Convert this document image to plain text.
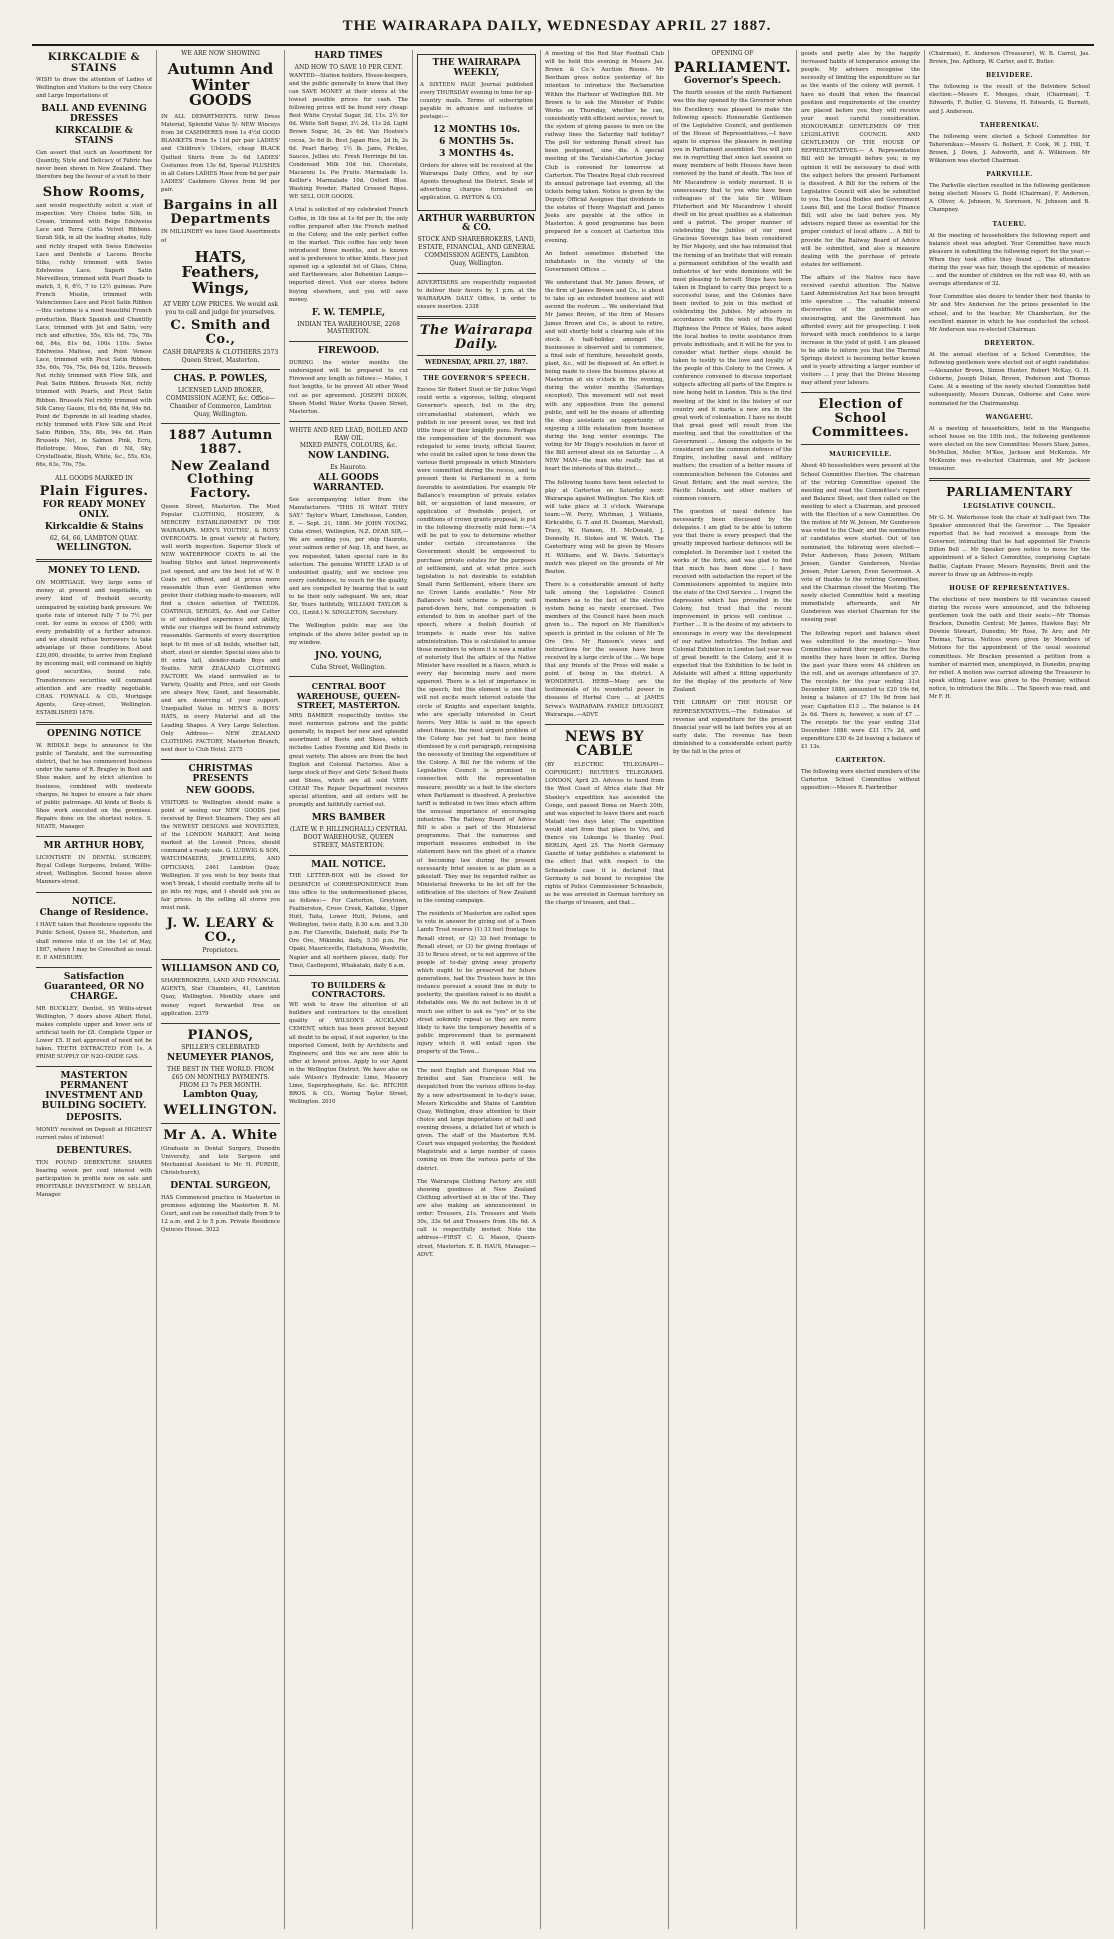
THE WAIRARAPA DAILY, WEDNESDAY APRIL 27 1887.
KIRKCALDIE & STAINS
WISH to draw the attention of Ladies of Wellington and Visitors to the very Choice and Large Importations of
BALL AND EVENING DRESSES
KIRKCALDIE & STAINS
Can assert that such an Assortment for Quantity, Style and Delicacy of Fabric has never been shown in New Zealand. They therefore beg the favour of a visit to their
Show Rooms,
and would respectfully solicit a visit of inspection. Very Choice Indie Silk, in Cream, trimmed with Beige Edelweiss Lace and Terra Cotta Velvet Ribbons. Surah Silk, in all the leading shades, fully and richly draped with Swiss Edelweiss Lace and Dentelle a' Lacons. Broche Silks, richly trimmed with Swiss Edelweiss Lace. Superb Satin Merveilleux, trimmed with Pearl Beads to match, 5, 6, 6½, 7 to 12½ guineas. Pure French Muslin, trimmed with Valenciennes Lace and Picot Satin Ribbon—this costume is a most beautiful French production. Black Spanish and Chantilly Lace, trimmed with Jet and Satin, very rich and effective, 55s, 63s 6d, 75s, 78s 6d, 84s, 81s 6d, 100s 110s. Swiss Edelweiss Maltese, and Point Venese Lace, trimmed with Picot Satin Ribbon, 55s, 60s, 70s, 75s, 84s 6d, 120s. Brussels Net richly trimmed with Flow Silk, and Peat Satin Ribbon. Brussels Net, richly trimmed with Pearls, and Picot Satin Ribbon. Brussels Net richly trimmed with Silk Cansy Gauze, 81s 6d, 88s 6d, 94s 6d. Point de' Esprende in all leading shades, richly trimmed with Flow Silk and Picot Satin Ribbon, 55s, 88s, 94s 6d. Plain Brussels Net, in Salmon Pink, Ecru, Heliotrope, Moss, Fan di Nil, Sky, Crystallisatie, Blush, White, &c., 55s, 63s, 66s, 63s, 70s, 75s.
ALL GOODS MARKED IN
Plain Figures.
FOR READY MONEY ONLY.
Kirkcaldie & Stains
62, 64, 66, LAMBTON QUAY.
WELLINGTON.
MONEY TO LEND.
ON MORTGAGE. Very large sums of money at present and negotiable, on every kind of freehold security, unimpaired by existing bank pressure. We quote rate of interest fully 7 to 7½ per cent. for sums in excess of £500, with every probability of a further advance. and we should refuse borrowers to take advantage of these conditions. About £20,000, divisible, to arrive from England by incoming mail, will command on highly good securities, bound rate. Transferences securities will command attention and are readily negotiable. CHAS. FOWNALL & CO., Mortgage Agents, Grey-street, Wellington. ESTABLISHED 1876.
OPENING NOTICE
W. RIDDLE begs to announce to the public of Taratahi, and the surrounding district, that he has commenced business under the name of R. Bragley in Boot and Shoe maker, and by strict attention to business, combined with moderate charges, he hopes to ensure a fair share of public patronage. All kinds of Boots & Shoe work executed on the premises. Repairs done on the shortest notice. S. NEATE, Manager.
MR ARTHUR HOBY,
LICENTIATE IN DENTAL SURGERY, Royal College Surgeons, Ireland, Willis-street, Wellington. Second house above Manners-street.
NOTICE.
Change of Residence.
I HAVE taken that Residence opposite the Public School, Queen St., Masterton, and shall remove into it on the 1st of May, 1887, where I may be Consulted as usual. E. P. AMESBURY.
Satisfaction Guaranteed, OR NO CHARGE.
MR BUCKLEY, Dentist, 95 Willis-street Wellington, 7 doors above Albert Hotel, makes complete upper and lower sets of artificial teeth for £8. Complete Upper or Lower £5. If not approved of need not be taken. TEETH EXTRACTED FOR 1s. A PRIME SUPPLY OF N2O-OXIDE GAS.
MASTERTON PERMANENT INVESTMENT AND BUILDING SOCIETY.
DEPOSITS.
MONEY received on Deposit at HIGHEST current rates of interest!
DEBENTURES.
TEN POUND DEBENTURE SHARES bearing seven per cent interest with participation in profits now on sale and PROFITABLE INVESTMENT. W. SELLAR, Manager.
WE ARE NOW SHOWING
Autumn And Winter GOODS
IN ALL DEPARTMENTS. NEW Dress Material, Splendid Value 5/- NEW Winceys from 3d CASHMERES from 1s 4½d GOOD BLANKETS from 5s 11d per pair LADIES' and Children's Ulsters, cheap BLACK Quilted Shirts from 3s 6d LADIES' Costumes from 13s 6d, Special PLUSHES in all Colors LADIES Hose from 6d per pair LADIES' Cashmere Gloves from 9d per pair.
Bargains in all Departments
IN MILLINERY we have Good Assortments of
HATS, Feathers, Wings,
AT VERY LOW PRICES. We would ask you to call and judge for yourselves.
C. Smith and Co.,
CASH DRAPERS & CLOTHIERS 2573 Queen Street, Masterton.
CHAS. P. POWLES,
LICENSED LAND BROKER, COMMISSION AGENT, &c. Office—Chamber of Commerce, Lambton Quay, Wellington.
1887 Autumn 1887.
New Zealand Clothing Factory.
Queen Street, Masterton. The Most Popular CLOTHING, HOSIERY, & MERCERY ESTABLISHMENT IN THE WAIRARAPA. MEN'S YOUTHS', & BOYS' OVERCOATS. In great variety at Factory, well worth inspection. Superior Stock of NEW WATERPROOF COATS in all the leading Styles and latest improvements just opened, and are the best lot of W. P. Coats yet offered, and at prices more reasonable than ever. Gentlemen who prefer their clothing made-to-measure, will find a choice selection of TWEEDS, COATINGS, SERGES, &c. And our Cutter is of undoubted experience and ability, while our charges will be found extremely reasonable. Garments of every description kept to fit men of all builds, whether tall, short, stout or slender. Special sizes also to fit extra tall, slender-made Boys and Youths. NEW ZEALAND CLOTHING FACTORY. We stand unrivalled as to Variety, Quality and Price, and our Goods are always New, Good, and Seasonable, and are deserving of your support. Unequalled Value in MEN'S & BOYS' HATS, in every Material and all the Leading Shapes. A Very Large Selection. Only Address— NEW ZEALAND CLOTHING FACTORY, Masterton Branch, next door to Club Hotel. 2375
CHRISTMAS PRESENTS
NEW GOODS.
VISITORS to Wellington should make a point of seeing our NEW GOODS just received by Direct Steamers. They are all the NEWEST DESIGNS and NOVELTIES, of the LONDON MARKET, And being marked at the Lowest Prices, should command a ready sale. G. LUDWIG & SON, WATCHMAKERS, JEWELLERS, AND OPTICIANS, 2461 Lambton Quay, Wellington. If you wish to buy boots that won't break, I should cordially invite all to go into my rope, and I should ask you as fair prices. In the selling all stores you must rank.
J. W. LEARY & CO.,
Proprietors.
WILLIAMSON AND CO,
SHAREBROKERS, LAND AND FINANCIAL AGENTS, Star Chambers, 41, Lambton Quay, Wellington. Monthly share and money report forwarded free on application. 2379
PIANOS,
SPILLER'S CELEBRATED
NEUMEYER PIANOS,
THE BEST IN THE WORLD. FROM £65 ON MONTHLY PAYMENTS. FROM £3 7s PER MONTH.
Lambton Quay,
WELLINGTON.
Mr A. A. White
(Graduate in Dental Surgery, Dunedin University, and late Surgeon and Mechanical Assistant to Mr. H. PURDIE, Christchurch),
DENTAL SURGEON,
HAS Commenced practice in Masterton in premises adjoining the Masterton R. M. Court, and can be consulted daily from 9 to 12 a.m. and 2 to 5 p.m. Private Residence Quinces House. 3022
HARD TIMES
AND HOW TO SAVE 10 PER CENT.
WANTED—Station holders, House-keepers, and the public generally to know that they can SAVE MONEY at their stores at the lowest possible prices for cash. The following prices will be found very cheap: Best White Crystal Sugar, 3d, 11s. 2½ for 6d. White Soft Sugar, 3½ 2d, 11s 2d. Light Brown Sugar, 3d, 2s 6d. Van Houten's cocoa, 3s 6d lb. Best Japan Rice, 2d lb, 2s 6d. Pearl Barley, 1½ lb. Jams, Pickles, Sauces, Jellies etc. Fresh Herrings 8d tin. Condensed Milk 10d tin. Chocolate, Macaroni 1s. Pie Fruits. Marmalade 1s. Keiller's Marmalade 10d. Oxford Blue. Washing Powder. Plaited Crossed Ropes. WE SELL OUR GOODS.
A trial is solicited of my celebrated French Coffee, in 1lb tins at 1s 6d per lb, the only coffee prepared after the French method in the Colony, and the only perfect coffee in the market. This coffee has only been introduced three months, and is known and is preference to other kinds. Have just opened up a splendid lot of Glass, China, and Earthenware, also Bohemian Lamps—imported direct. Visit our stores before buying elsewhere, and you will save money.
F. W. TEMPLE,
INDIAN TEA WAREHOUSE, 2268 MASTERTON.
FIREWOOD.
DURING the winter months the undersigned will be prepared to cut Firewood any length as follows:— Males, 1 foot lengths, to be proved All other Wood cut as per agreement. JOSEPH DIXON, Sheen Model Water Works Queen Street, Masterton.
WHITE AND RED LEAD, BOILED AND RAW OIL
MIXED PAINTS, COLOURS, &c.
NOW LANDING.
Ex Hauroto.
ALL GOODS WARRANTED.
See accompanying letter from the Manufacturers. "THIS IS WHAT THEY SAY." Taylor's Wharf, Limehouse, London, E. — Sept. 21, 1886. Mr JOHN YOUNG, Cuba street, Wellington, N.Z. DEAR SIR,—We are sending you, per ship Hauroto, your salmon order of Aug. 18, and have, as you requested, taken special care in its selection. The genuine WHITE LEAD is of undoubted quality, and we enclose you every confidence, to vouch for the quality, and are compelled by bearing that is said to be their only safeguard. We are, dear Sir, Yours faithfully, WILLIAM TAYLOR & CO., (Lmtd.) N. SINGLETON, Secretary.
The Wellington public may see the originals of the above letter posted up in my window.
JNO. YOUNG,
Cuba Street, Wellington.
CENTRAL BOOT WAREHOUSE, QUEEN-STREET, MASTERTON.
MRS BAMBER respectfully invites the most numerous patrons and the public generally, to inspect her new and splendid assortment of Boots and Shoes, which includes Ladies Evening and Kid Boots in great variety. The above are from the best English and Colonial Factories. Also a large stock of Boys' and Girls' School Boots and Shoes, which are all sold VERY CHEAP. The Repair Department receives special attention, and all orders will be promptly and faithfully carried out.
MRS BAMBER
(LATE W. P. HILLINGHALL) CENTRAL BOOT WAREHOUSE, QUEEN STREET, MASTERTON.
MAIL NOTICE.
THE LETTER-BOX will be closed for DESPATCH of CORRESPONDENCE from this office to the undermentioned places, as follows:— For Carterton, Greytown, Featherston, Cross Creek, Kaitoke, Upper Hutt, Taita, Lower Hutt, Petone, and Wellington, twice daily, 8.30 a.m. and 5.30 p.m. For Clareville, Dalefield, daily. For Te Ore Ore, Mikimiki, daily, 5.30 p.m. For Opaki, Mauriceville, Eketahuna, Woodville, Napier and all northern places, daily. For Tinui, Castlepoint, Whakataki, daily 6 a.m.
TO BUILDERS & CONTRACTORS.
WE wish to draw the attention of all builders and contractors to the excellent quality of WILSON'S AUCKLAND CEMENT, which has been proved beyond all doubt to be equal, if not superior, to the imported Cement, both by Architects and Engineers; and this we are now able to offer at lowest prices. Apply to our Agent in the Wellington District. We have also on sale Wilson's Hydraulic Lime, Masonry Lime, Superphosphate, &c. &c. RITCHIE BROS. & CO., Waring Taylor Street, Wellington. 2010
THE WAIRARAPA WEEKLY,
A SIXTEEN PAGE Journal published every THURSDAY evening in time for up-country mails. Terms of subscription payable in advance and inclusive of postage:—
12 MONTHS 10s.
6 MONTHS 5s.
3 MONTHS 4s.
Orders for above will be received at the Wairarapa Daily Office, and by our Agents throughout the District. Scale of advertising charges furnished on application. G. PAYTON & CO.
ARTHUR WARBURTON & CO.
STOCK AND SHAREBROKERS, LAND, ESTATE, FINANCIAL, AND GENERAL COMMISSION AGENTS, Lambton Quay, Wellington.
ADVERTISERS are respectfully requested to deliver their favors by 1 p.m. at the WAIRARAPA DAILY Office, in order to ensure insertion. 2338
The Wairarapa Daily.
WEDNESDAY, APRIL 27, 1887.
THE GOVERNOR'S SPEECH.
Excess Sir Robert Stout or Sir Julius Vogel could write a vigorous, telling, eloquent Governor's speech, but in the dry, circumstantial statement, which we publish in our present issue, we find but little trace of their knightly pens. Perhaps the compensation of the document was relegated to some trusty, official Saurer, who could be called upon to tone down the various florid proposals in which Ministers were committed during the recess, and to present them to Parliament in a form favorable to assimilation. For example Mr Ballance's resumption of private estates bill, or acquisition of land measure, or application of freeholds project, or conditions of crown grants proposal, is put in the following discreetly mild form:—"A will be put to you to determine whether under certain circumstances the Government should be empowered to purchase private estates for the purposes of settlement, and at what price such legislation is not desirable to establish Small Farm Settlement, where there are no Crown Lands available." Now Mr Ballance's bold scheme is pretty well pared-down here, but compensation is extended to him in another part of the speech, where a foolish flourish of trumpets is made over his native administration. This is calculated to amuse those members to whom it is now a matter of notoriety that the affairs of the Native Minister have resulted in a fiasco, which is every day becoming more and more apparent. There is a lot of importance in the speech, but this element is one that will not excite much interest outside the circle of Knights and expectant knights, who are specially interested in Court favors. Very little is said in the speech about finance, the most urgent problem of the Colony has yet had to face being dismissed by a curt paragraph, recognising the necessity of limiting the expenditure of the Colony. A Bill for the reform of the Legislative Council is promised in connection with the representation measure, possibly as a bait to the electors when Parliament is dissolved. A protective tariff is indicated in two lines which affirm the unusual importance of encouraging industries. The Railway Board of Advice Bill is also a part of the Ministerial programme. That the numerous and important measures embodied in the statement have not the ghost of a chance of becoming law during the present necessarily brief session is as plain as a pikestaff. They may be regarded rather as Ministerial fireworks to be let off for the edification of the electors of New Zealand in the coming campaign.
The residents of Masterton are called upon to vote in answer for giving out of a Town Lands Trust reserve (1) 33 feet frontage to Renall street, or (2) 33 feet frontage to Renall street, or (3) for giving frontage of 33 to Bruce street, or to not approve of the people of to-day giving away property which ought to be preserved for future generations, had the Trustees have in this instance pursued a sound line in duty to posterity, the question raised is no doubt a debatable one. We do not believe in it of much use either to ask us "yes" or to the street solemnly repeat us they are more likely to have the temporary benefits of a public improvement than to permanent injury which it will entail upon the property of the Town...
The next English and European Mail via Brindisi and San Francisco will be despatched from the various offices to-day. By a new advertisement in to-day's issue, Messrs Kirkcaldie and Stains of Lambton Quay, Wellington, draw attention to their choice and large importations of ball and evening dresses, a detailed list of which is given. The staff of the Masterton R.M. Court was engaged yesterday, the Resident Magistrate and a large number of cases coming on from the various parts of the district.
The Wairarapa Clothing Factory are still showing goodness at New Zealand Clothing advertised at in the of the. They are also making an announcement in order: Trousers, 21s. Trousers and Vests 30s, 33s 6d and Trousers from 18s 6d. A call is respectfully invited. Note the address—FIRST C. G. Mason, Queen-street, Masterton. E. B. HAUS, Manager.—ADVT.
A meeting of the Red Star Football Club will be held this evening in Messrs Jas. Brown & Co.'s Auction Rooms. Mr Beetham gives notice yesterday of his intention to introduce the Reclamation Within the Harbour of Wellington Bill. Mr Brown is to ask the Minister of Public Works on Thursday, whether he can, consistently with efficient service, revert to the system of giving passes to men on the railway lines the Saturday half holiday? The poll for widening Renall street has been postponed, sine die. A special meeting of the Taratahi-Carterton Jockey Club is convened for tomorrow at Carterton. The Theatre Royal club received its annual patronage last evening, all the tickets being taken. Notice is given by the Deputy Official Assignee that dividends in the estates of Henry Wagstaff and James Jeeks are payable at the office in Masterton. A good programme has been prepared for a concert at Carterton this evening.
An Indent sometimes disturbed the inhabitants in the vicinity of the Government Offices ...
We understand that Mr James Brown, of the firm of James Brown and Co., is about to take up an extended business and will ascend the rostrum ... We understand that Mr James Brown, of the firm of Messrs James Brown and Co., is about to retire, and will shortly hold a clearing sale of his stock. A half-holiday amongst the businesses is observed and to commence, a final sale of furniture, household goods, plant, &c., will be disposed of. An effort is being made to close the business places at Masterton at six o'clock in the evening, during the winter months (Saturdays excepted). This movement will not meet with any opposition from the general public, and will be the means of affording the shop assistants an opportunity of enjoying a little relaxation from business during the long winter evenings. The voting for Mr Hogg's resolution in favor of the Bill arrived about six on Saturday ... A NEW MAN—the man who really has at heart the interests of this district...
The following teams have been selected to play at Carterton on Saturday next: Wairarapa against Wellington. The Kick off will take place at 3 o'clock. Wairarapa team:—W. Perry, Whitman, J. Williams, Kirkcaldie, G. T. and H. Deaman, Marshall, Tracy, W. Hansen, H. McDonald, J. Donnelly, H. Stokes and W. Welch. The Canterbury wing will be given by Messrs H. Williams, and W. Davis. Saturday's match was played on the grounds of Mr Beaton.
There is a considerable amount of hefty talk among the Legislative Council members as to the fact of the elective system being so rarely exercised. Two members of the Council have been much given to... The report on Mr Hamilton's speech is printed in the column of Mr Te Ore Ore. Mr Ransom's views and instructions for the season have been received by a large circle of the ... We hope that any friends of the Press will make a point of being in the district. A WONDERFUL HERB—Many are the testimonials of its wonderful power in diseases of Herbal Cure ... at JAMES Srrwa's WAIRARAPA FAMILY DRUGGIST, Wairarapa..—ADVT.
NEWS BY CABLE
(BY ELECTRIC TELEGRAPH—COPYRIGHT.) REUTER'S TELEGRAMS. LONDON, April 25. Advices to hand from the West Coast of Africa state that Mr Stanley's expedition has ascended the Congo, and passed Boma on March 20th, and was expected to leave there and reach Matadi two days later. The expedition would start from that place to Vivi, and thence via Lukunga to Stanley Pool. BERLIN, April 25. The North Germany Gazette of today publishes a statement to the effect that with respect to the Schnaebele case it is declared that Germany is not bound to recognise the rights of Police Commissioner Schnaebele, as he was arrested in German territory on the charge of treason, and that...
OPENING OF
PARLIAMENT.
Governor's Speech.
The fourth session of the ninth Parliament was this day opened by the Governor when his Excellency was pleased to make the following speech: Honourable Gentlemen of the Legislative Council, and gentlemen of the House of Representatives,—I have again to express the pleasure in meeting you in Parliament assembled. You will join me in regretting that since last session so many members of both Houses have been removed by the hand of death. The loss of Mr Macandrew is widely mourned. It is unnecessary that to you who have been colleagues of the late Sir William Fitzherbert and Mr Macandrew I should dwell on his great qualities as a statesman and a patriot. The proper manner of celebrating the Jubilee of our most Gracious Sovereign has been considered by Her Majesty, and she has intimated that the forming of an Institute that will remain a permanent exhibition of the wealth and industries of her wide dominions will be most pleasing to herself. Steps have been taken in England to carry this project to a successful issue, and the Colonies have been invited to join in this method of celebrating the Jubilee. My advisers in accordance with the wish of His Royal Highness the Prince of Wales, have asked the local bodies to invite assistance from private individuals, and it will be for you to consider what further steps should be taken to testify to the love and loyalty of the people of this Colony to the Crown. A conference convened to discuss important subjects affecting all parts of the Empire is now being held in London. This is the first meeting of the kind in the history of our country and it marks a new era in the great work of colonisation. I have no doubt that great good will result from the meeting, and that the constitution of the Government ... Among the subjects to be considered are the common defence of the Empire, including naval and military matters; the creation of a better means of communication between the Colonies and Great Britain; and the mail service, the Pacific Islands, and other matters of common concern.
The question of naval defence has necessarily been discussed by the delegates. I am glad to be able to inform you that there is every prospect that the greatly improved harbour defences will be completed. In December last I visited the works of the forts, and was glad to find that much has been done ... I have received with satisfaction the report of the Commissioners appointed to inquire into the state of the Civil Service ... I regret the depression which has prevailed in the Colony, but trust that the recent improvement in prices will continue ... Further ... It is the desire of my advisers to encourage in every way the development of our native industries. The Indian and Colonial Exhibition in London last year was of great benefit to the Colony, and it is expected that the Exhibition to be held in Adelaide will afford a fitting opportunity for the display of the products of New Zealand.
THE LIBRARY OF THE HOUSE OF REPRESENTATIVES.—The Estimates of revenue and expenditure for the present financial year will be laid before you at an early date. The revenue has been diminished to a considerable extent partly by the fall in the price of
goods and partly also by the happily increased habits of temperance among the people. My advisers recognise the necessity of limiting the expenditure so far as the wants of the colony will permit. I have no doubt that when the financial position and requirements of the country are placed before you they will receive your most careful consideration. HONOURABLE GENTLEMEN OF THE LEGISLATIVE COUNCIL AND GENTLEMEN OF THE HOUSE OF REPRESENTATIVES.— A Representation Bill will be brought before you; in my opinion it will be necessary to deal with the subject before the present Parliament is dissolved. A Bill for the reform of the Legislative Council will also be submitted to you. The Local Bodies and Government Loans Bill, and the Local Bodies' Finance Bill, will also be laid before you. My advisers regard these as essential for the proper conduct of local affairs ... A Bill to provide for the Railway Board of Advice will be submitted, and also a measure dealing with the purchase of private estates for settlement.
The affairs of the Native race have received careful attention. The Native Land Administration Act has been brought into operation ... The valuable mineral discoveries of the goldfields are encouraging, and the Government has afforded every aid for prospecting. I look forward with much confidence to a large increase in the yield of gold. I am pleased to be able to inform you that the Thermal Springs district is becoming better known and is yearly attracting a larger number of visitors ... I pray that the Divine blessing may attend your labours.
Election of School Committees.
MAURICEVILLE.
About 40 householders were present at the School Committee Election. The chairman of the retiring Committee opened the meeting and read the Committee's report and Balance Sheet, and then called on the meeting to elect a Chairman, and proceed with the Election of a new Committee. On the motion of Mr W. Jensen, Mr Gunderson was voted to the Chair, and the nomination of candidates were started. Out of ten nominated, the following were elected:—Peter Anderson, Hans Jensen, William Jensen, Gunder Gunderson, Nicolas Jensen, Peter Larsen, Even Severinsen. A vote of thanks to the retiring Committee, and the Chairman closed the Meeting. The newly elected Committee held a meeting immediately afterwards, and Mr Gunderson was elected Chairman for the ensuing year.
The following report and balance sheet was submitted to the meeting:— Your Committee submit their report for the five months they have been in office. During the past year there were 44 children on the roll, and an average attendance of 37. The receipts for the year ending 31st December 1886, amounted to £20 19s 6d, being a balance of £7 19s 9d from last year; Capitation £13 ... The balance is £4 2s 6d. There is, however, a sum of £7 ... The receipts for the year ending 31st December 1886 were £31 17s 2d, and expenditure £30 4s 2d leaving a balance of £1 13s.
CARTERTON.
The following were elected members of the Carterton School Committee without opposition:—Messrs R. Fairbrother
(Chairman), E. Anderson (Treasurer), W. B. Carrol, Jas. Brown, Jno. Apthorp, W. Carter, and E. Butler.
BELVIDERE.
The following is the result of the Belvidere School election:—Messrs E. Menges, chair, (Chairman), T. Edwards, F. Butler, G. Stevens, H. Edwards, G. Burnett, and J. Anderson.
TAHERENIKAU.
The following were elected a School Committee for Taherenikau:—Messrs G. Bollard, F. Cook, W. J. Hill, T. Brown, J. Down, J. Ashworth, and A. Wilkinson. Mr Wilkinson was elected Chairman.
PARKVILLE.
The Parkville election resulted in the following gentlemen being elected: Messrs G. Dodd (Chairman), F. Anderson, A. Oliver, A. Johnson, N. Sorensen, N. Johnson and B. Champney.
TAUERU.
At the meeting of householders the following report and balance sheet was adopted. Your Committee have much pleasure in submitting the following report for the year:—When they took office they found ... The attendance during the year was fair, though the epidemic of measles ... and the number of children on the roll was 40, with an average attendance of 32.
Your Committee also desire to tender their best thanks to Mr and Mrs Anderson for the prizes presented to the school, and to the teacher, Mr Chamberlain, for the excellent manner in which he has conducted the school. Mr Anderson was re-elected Chairman.
DREYERTON.
At the annual election of a School Committee, the following gentlemen were elected out of eight candidates:—Alexander Brown, Simon Hunter, Robert McKay, O. H. Osborne, Joseph Dolan, Brown, Pederson and Thomas Cane. At a meeting of the newly elected Committee held subsequently, Messrs Duncan, Osborne and Cane were nominated for the Chairmanship.
WANGAEHU.
At a meeting of householders, held in the Wangaehu school house on the 18th inst., the following gentlemen were elected on the new Committee: Messrs Shaw, James, McMullen, Moller, M'Kee, Jackson and McKenzie. Mr McKenzie was re-elected Chairman, and Mr Jackson treasurer.
PARLIAMENTARY
LEGISLATIVE COUNCIL.
Mr G. M. Waterhouse took the chair at half-past two. The Speaker announced that the Governor ... The Speaker reported that he had received a message from the Governor, intimating that he had appointed Sir Francis Dillon Bell ... Mr Speaker gave notice to move for the appointment of a Select Committee, comprising Captain Baillie, Captain Fraser, Messrs Reynolds, Brett and the mover to draw up an Address-in-reply.
HOUSE OF REPRESENTATIVES.
The elections of new members to fill vacancies caused during the recess were announced, and the following gentlemen took the oath and their seats:—Mr Thomas Bracken, Dunedin Central; Mr James, Hawkes Bay; Mr Downie Stewart, Dunedin; Mr Ross, Te Aro; and Mr Thomas, Tairua. Notices were given by Members of Motions for the appointment of the usual sessional committees. Mr Bracken presented a petition from a number of married men, unemployed, in Dunedin, praying for relief. A motion was carried allowing the Treasurer to speak sitting. Leave was given to the Premier, without notice, to introduce the Bills ... The Speech was read, and Mr F. H.
